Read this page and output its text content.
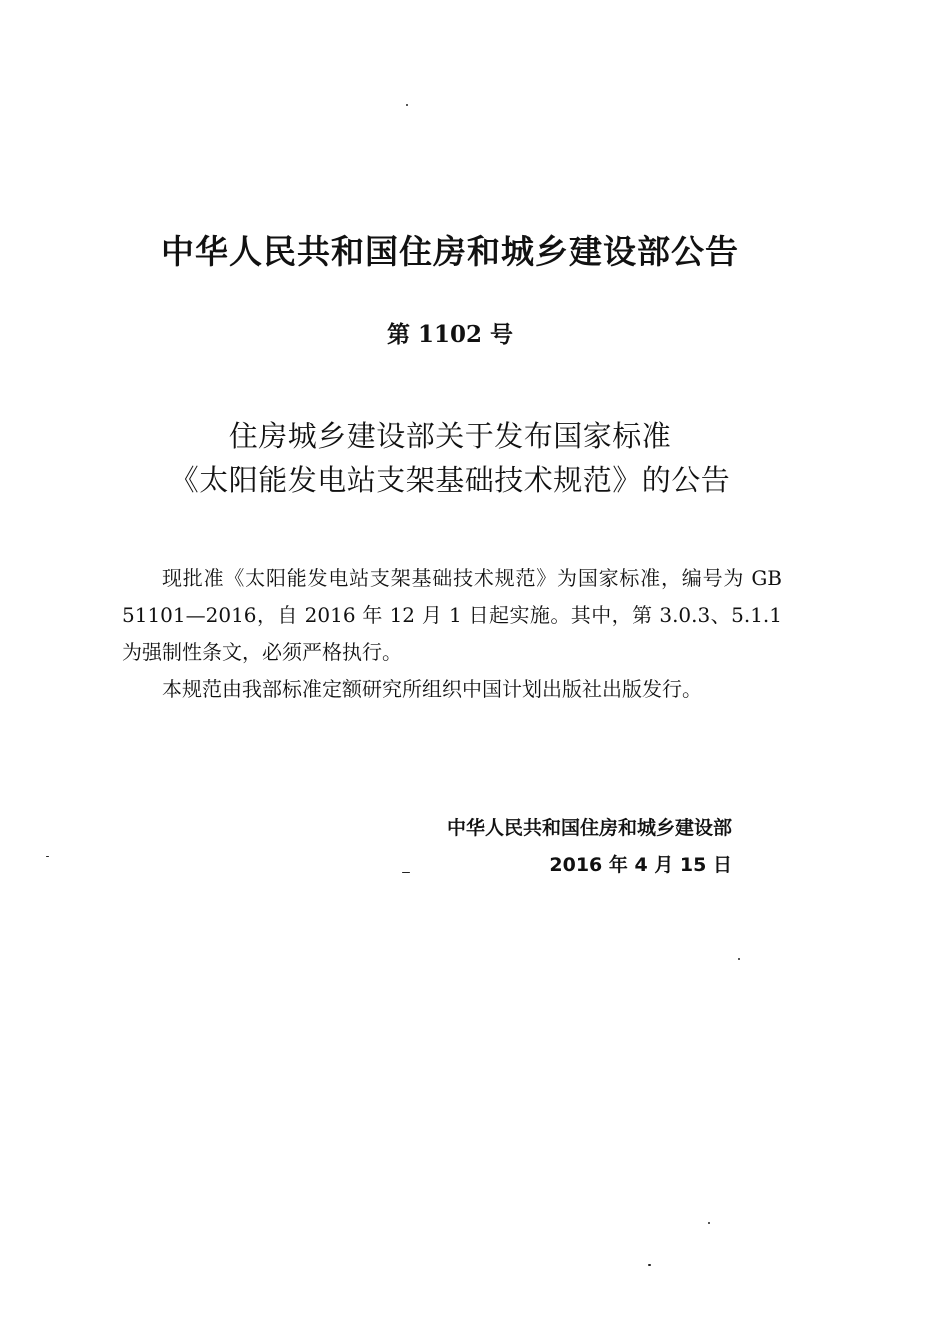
中华人民共和国住房和城乡建设部公告
第 1102 号
住房城乡建设部关于发布国家标准
《太阳能发电站支架基础技术规范》的公告

现批准《太阳能发电站支架基础技术规范》为国家标准，编号为 GB 51101—2016，自 2016 年 12 月 1 日起实施。其中，第 3.0.3、5.1.1 为强制性条文，必须严格执行。

本规范由我部标准定额研究所组织中国计划出版社出版发行。

中华人民共和国住房和城乡建设部
2016 年 4 月 15 日
